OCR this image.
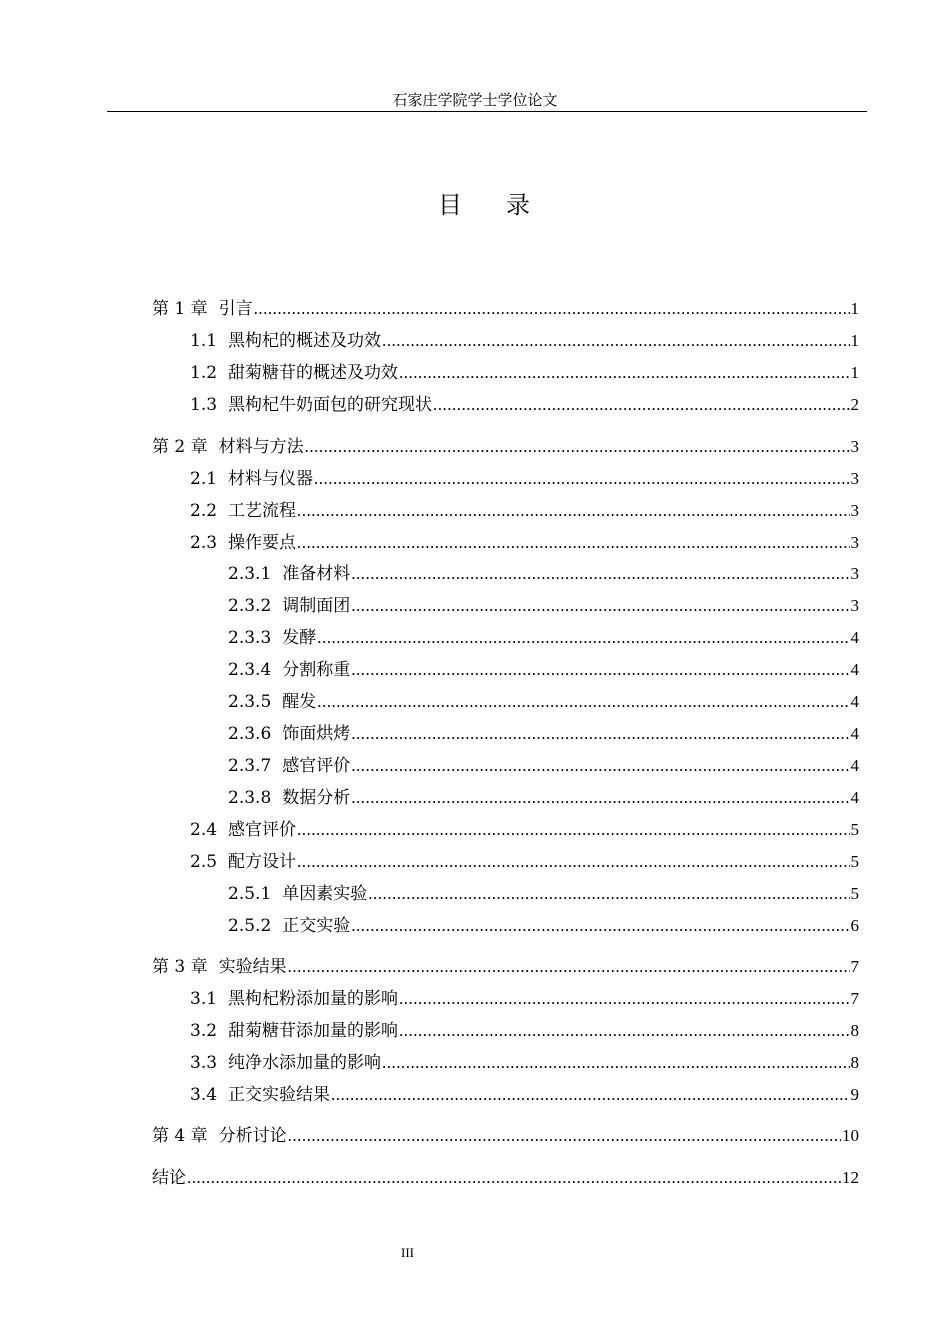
石家庄学院学士学位论文
目录
第 1 章 引言 .....	1
1.1 黑枸杞的概述及功效 .....	1
1.2 甜菊糖苷的概述及功效 .....	1
1.3 黑枸杞牛奶面包的研究现状 .....	2
第 2 章 材料与方法 .....	3
2.1 材料与仪器 .....	3
2.2 工艺流程 .....	3
2.3 操作要点 .....	3
2.3.1 准备材料 .....	3
2.3.2 调制面团 .....	3
2.3.3 发酵 .....	4
2.3.4 分割称重 .....	4
2.3.5 醒发 .....	4
2.3.6 饰面烘烤 .....	4
2.3.7 感官评价 .....	4
2.3.8 数据分析 .....	4
2.4 感官评价 .....	5
2.5 配方设计 .....	5
2.5.1 单因素实验 .....	5
2.5.2 正交实验 .....	6
第 3 章 实验结果 .....	7
3.1 黑枸杞粉添加量的影响 .....	7
3.2 甜菊糖苷添加量的影响 .....	8
3.3 纯净水添加量的影响 .....	8
3.4 正交实验结果 .....	9
第 4 章 分析讨论 .....	10
结论 .....	12
III
